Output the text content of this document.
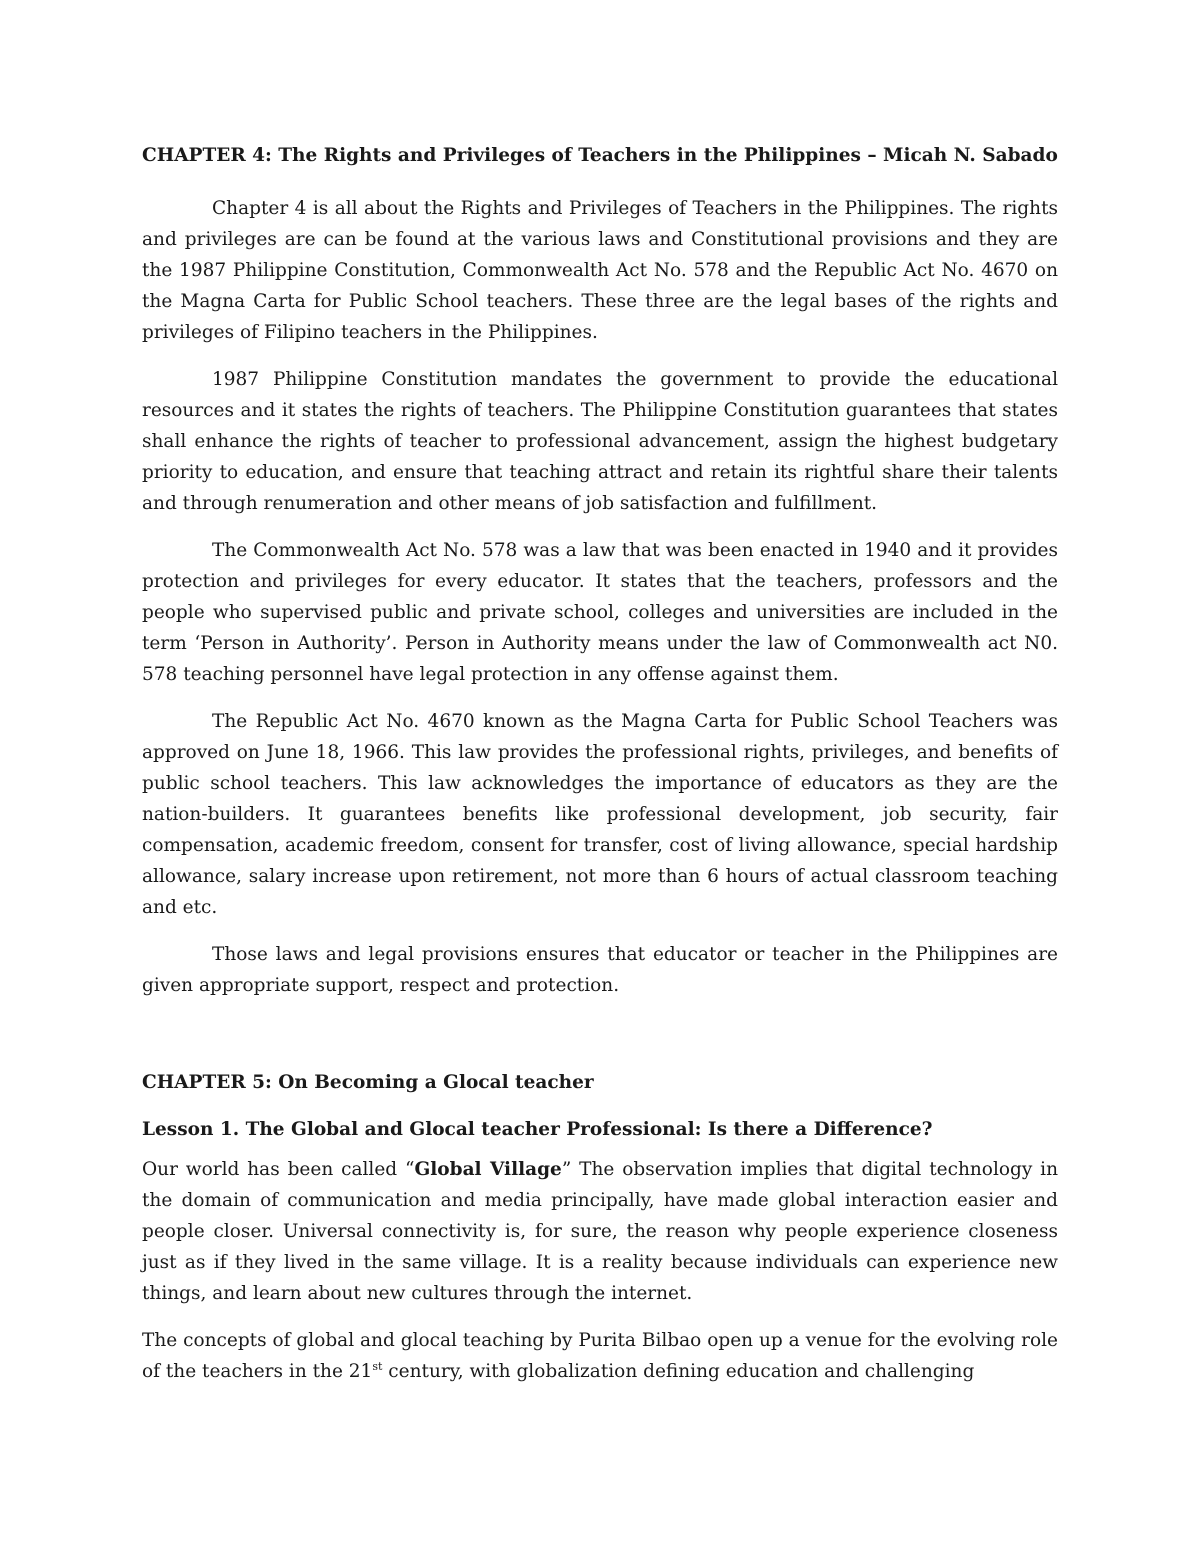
CHAPTER 4: The Rights and Privileges of Teachers in the Philippines – Micah N. Sabado

Chapter 4 is all about the Rights and Privileges of Teachers in the Philippines. The rights and privileges are can be found at the various laws and Constitutional provisions and they are the 1987 Philippine Constitution, Commonwealth Act No. 578 and the Republic Act No. 4670 on the Magna Carta for Public School teachers. These three are the legal bases of the rights and privileges of Filipino teachers in the Philippines.

1987 Philippine Constitution mandates the government to provide the educational resources and it states the rights of teachers. The Philippine Constitution guarantees that states shall enhance the rights of teacher to professional advancement, assign the highest budgetary priority to education, and ensure that teaching attract and retain its rightful share their talents and through renumeration and other means of job satisfaction and fulfillment.

The Commonwealth Act No. 578 was a law that was been enacted in 1940 and it provides protection and privileges for every educator. It states that the teachers, professors and the people who supervised public and private school, colleges and universities are included in the term ‘Person in Authority’. Person in Authority means under the law of Commonwealth act N0. 578 teaching personnel have legal protection in any offense against them.

The Republic Act No. 4670 known as the Magna Carta for Public School Teachers was approved on June 18, 1966. This law provides the professional rights, privileges, and benefits of public school teachers. This law acknowledges the importance of educators as they are the nation-builders. It guarantees benefits like professional development, job security, fair compensation, academic freedom, consent for transfer, cost of living allowance, special hardship allowance, salary increase upon retirement, not more than 6 hours of actual classroom teaching and etc.

Those laws and legal provisions ensures that educator or teacher in the Philippines are given appropriate support, respect and protection.

CHAPTER 5: On Becoming a Glocal teacher
Lesson 1. The Global and Glocal teacher Professional: Is there a Difference?

Our world has been called “Global Village” The observation implies that digital technology in the domain of communication and media principally, have made global interaction easier and people closer. Universal connectivity is, for sure, the reason why people experience closeness just as if they lived in the same village. It is a reality because individuals can experience new things, and learn about new cultures through the internet.

The concepts of global and glocal teaching by Purita Bilbao open up a venue for the evolving role of the teachers in the 21st century, with globalization defining education and challenging
